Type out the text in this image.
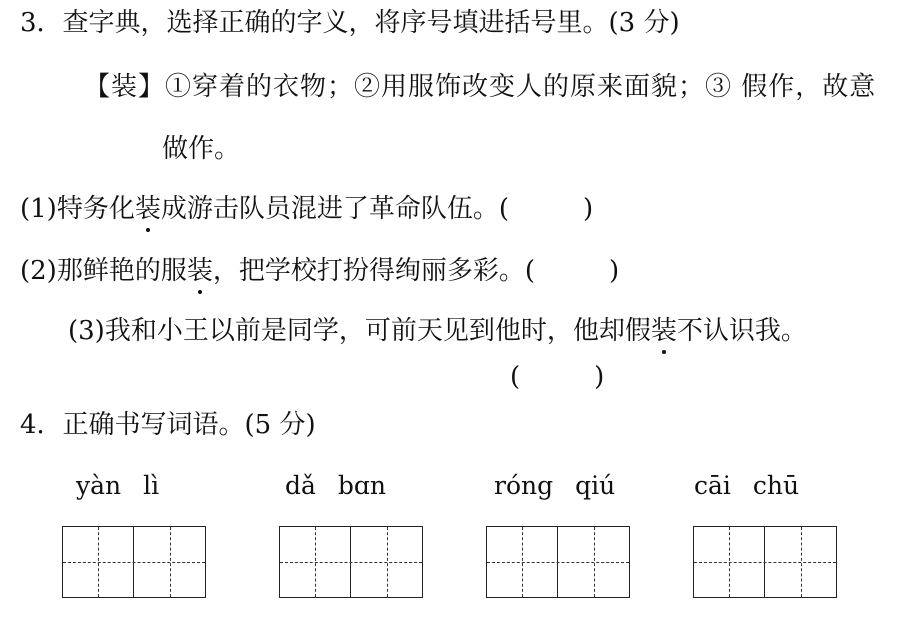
3．查字典，选择正确的字义，将序号填进括号里。(3 分)
【装】①穿着的衣物；②用服饰改变人的原来面貌；③ 假作，故意
做作。
(1)特务化装成游击队员混进了革命队伍。(	)
(2)那鲜艳的服装，把学校打扮得绚丽多彩。(	)
(3)我和小王以前是同学，可前天见到他时，他却假装不认识我。
(	)
4．正确书写词语。(5 分)
yàn lì	dǎ bɑn	róng qiú	cāi chū
